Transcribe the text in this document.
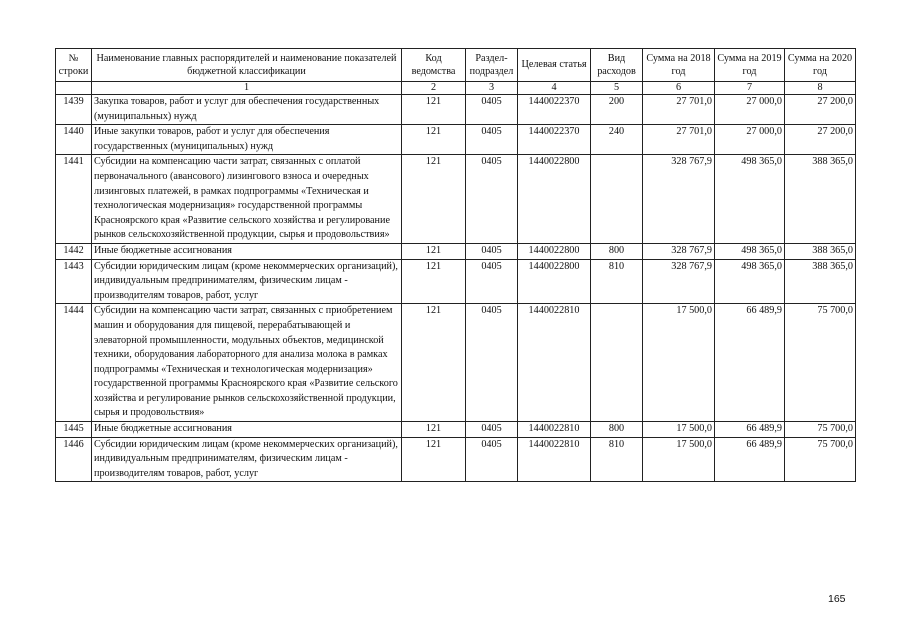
№ строки	Наименование главных распорядителей и наименование показателей бюджетной классификации	Код ведомства	Раздел-подраздел	Целевая статья	Вид расходов	Сумма на 2018 год	Сумма на 2019 год	Сумма на 2020 год
	1	2	3	4	5	6	7	8
1439	Закупка товаров, работ и услуг для обеспечения государственных (муниципальных) нужд	121	0405	1440022370	200	27 701,0	27 000,0	27 200,0
1440	Иные закупки товаров, работ и услуг для обеспечения государственных (муниципальных) нужд	121	0405	1440022370	240	27 701,0	27 000,0	27 200,0
1441	Субсидии на компенсацию части затрат, связанных с оплатой первоначального (авансового) лизингового взноса и очередных лизинговых платежей, в рамках подпрограммы «Техническая и технологическая модернизация» государственной программы Красноярского края «Развитие сельского хозяйства и регулирование рынков сельскохозяйственной продукции, сырья и продовольствия»	121	0405	1440022800		328 767,9	498 365,0	388 365,0
1442	Иные бюджетные ассигнования	121	0405	1440022800	800	328 767,9	498 365,0	388 365,0
1443	Субсидии юридическим лицам (кроме некоммерческих организаций), индивидуальным предпринимателям, физическим лицам - производителям товаров, работ, услуг	121	0405	1440022800	810	328 767,9	498 365,0	388 365,0
1444	Субсидии на компенсацию части затрат, связанных с приобретением машин и оборудования для пищевой, перерабатывающей и элеваторной промышленности, модульных объектов, медицинской техники, оборудования лабораторного для анализа молока в рамках подпрограммы «Техническая и технологическая модернизация» государственной программы Красноярского края «Развитие сельского хозяйства и регулирование рынков сельскохозяйственной продукции, сырья и продовольствия»	121	0405	1440022810		17 500,0	66 489,9	75 700,0
1445	Иные бюджетные ассигнования	121	0405	1440022810	800	17 500,0	66 489,9	75 700,0
1446	Субсидии юридическим лицам (кроме некоммерческих организаций), индивидуальным предпринимателям, физическим лицам - производителям товаров, работ, услуг	121	0405	1440022810	810	17 500,0	66 489,9	75 700,0
165
